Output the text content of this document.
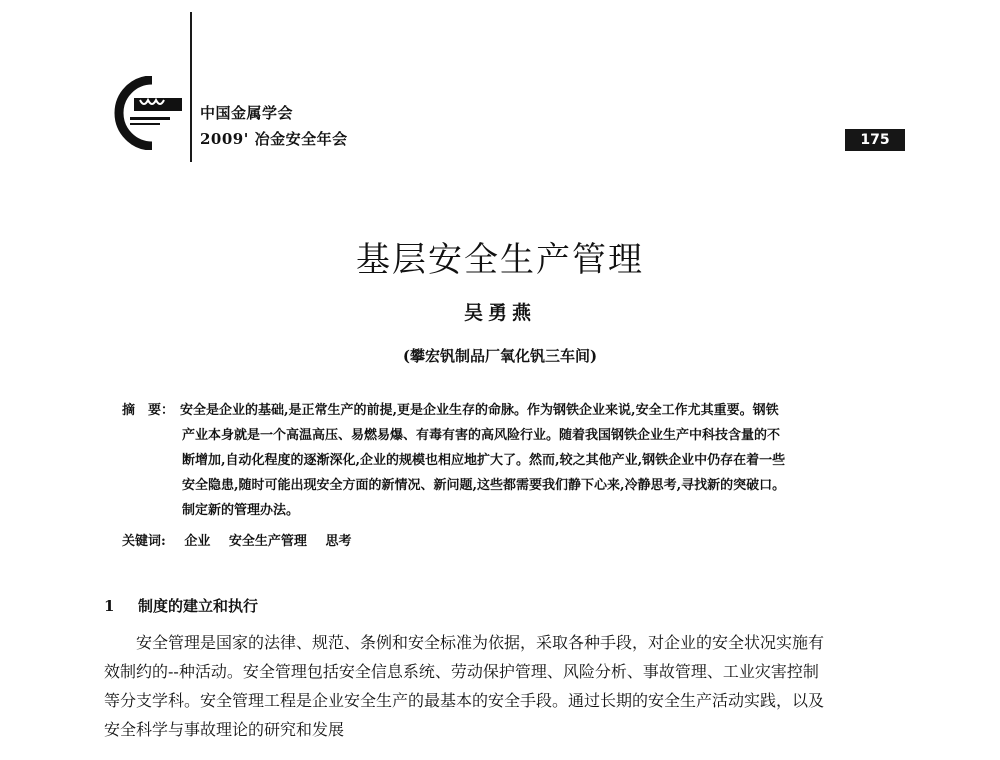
中国金属学会
2009' 冶金安全年会	175
基层安全生产管理
吴勇燕
(攀宏钒制品厂氧化钒三车间)
摘　要： 安全是企业的基础,是正常生产的前提,更是企业生存的命脉。作为钢铁企业来说,安全工作尤其重要。钢铁
产业本身就是一个高温高压、易燃易爆、有毒有害的高风险行业。随着我国钢铁企业生产中科技含量的不
断增加,自动化程度的逐渐深化,企业的规模也相应地扩大了。然而,较之其他产业,钢铁企业中仍存在着一些
安全隐患,随时可能出现安全方面的新情况、新问题,这些都需要我们静下心来,冷静思考,寻找新的突破口。
制定新的管理办法。
关键词: 企业 安全生产管理 思考
1 制度的建立和执行
安全管理是国家的法律、规范、条例和安全标准为依据，采取各种手段，对企业的安全状况实施有
效制约的--种活动。安全管理包括安全信息系统、劳动保护管理、风险分析、事故管理、工业灾害控制
等分支学科。安全管理工程是企业安全生产的最基本的安全手段。通过长期的安全生产活动实践，以及
安全科学与事故理论的研究和发展
